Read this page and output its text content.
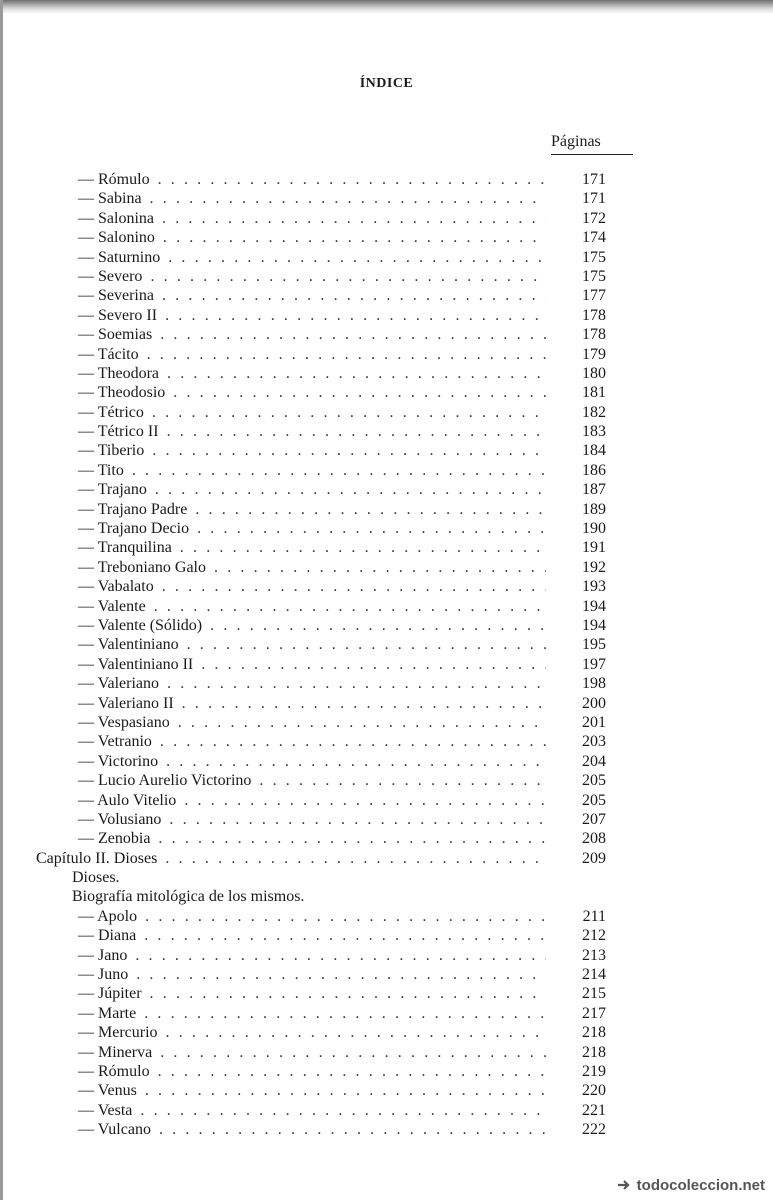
ÍNDICE
Páginas
— Rómulo . . .	171
— Sabina . . .	171
— Salonina . . .	172
— Salonino . . .	174
— Saturnino . . .	175
— Severo . . .	175
— Severina . . .	177
— Severo II . . .	178
— Soemias . . .	178
— Tácito . . .	179
— Theodora . . .	180
— Theodosio . . .	181
— Tétrico . . .	182
— Tétrico II . . .	183
— Tiberio . . .	184
— Tito . . .	186
— Trajano . . .	187
— Trajano Padre . . .	189
— Trajano Decio . . .	190
— Tranquilina . . .	191
— Treboniano Galo . . .	192
— Vabalato . . .	193
— Valente . . .	194
— Valente (Sólido) . . .	194
— Valentiniano . . .	195
— Valentiniano II . . .	197
— Valeriano . . .	198
— Valeriano II . . .	200
— Vespasiano . . .	201
— Vetranio . . .	203
— Victorino . . .	204
— Lucio Aurelio Victorino . . .	205
— Aulo Vitelio . . .	205
— Volusiano . . .	207
— Zenobia . . .	208
Capítulo II. Dioses . . .	209
Dioses.
Biografía mitológica de los mismos.
— Apolo . . .	211
— Diana . . .	212
— Jano . . .	213
— Juno . . .	214
— Júpiter . . .	215
— Marte . . .	217
— Mercurio . . .	218
— Minerva . . .	218
— Rómulo . . .	219
— Venus . . .	220
— Vesta . . .	221
— Vulcano . . .	222
todocoleccion.net
